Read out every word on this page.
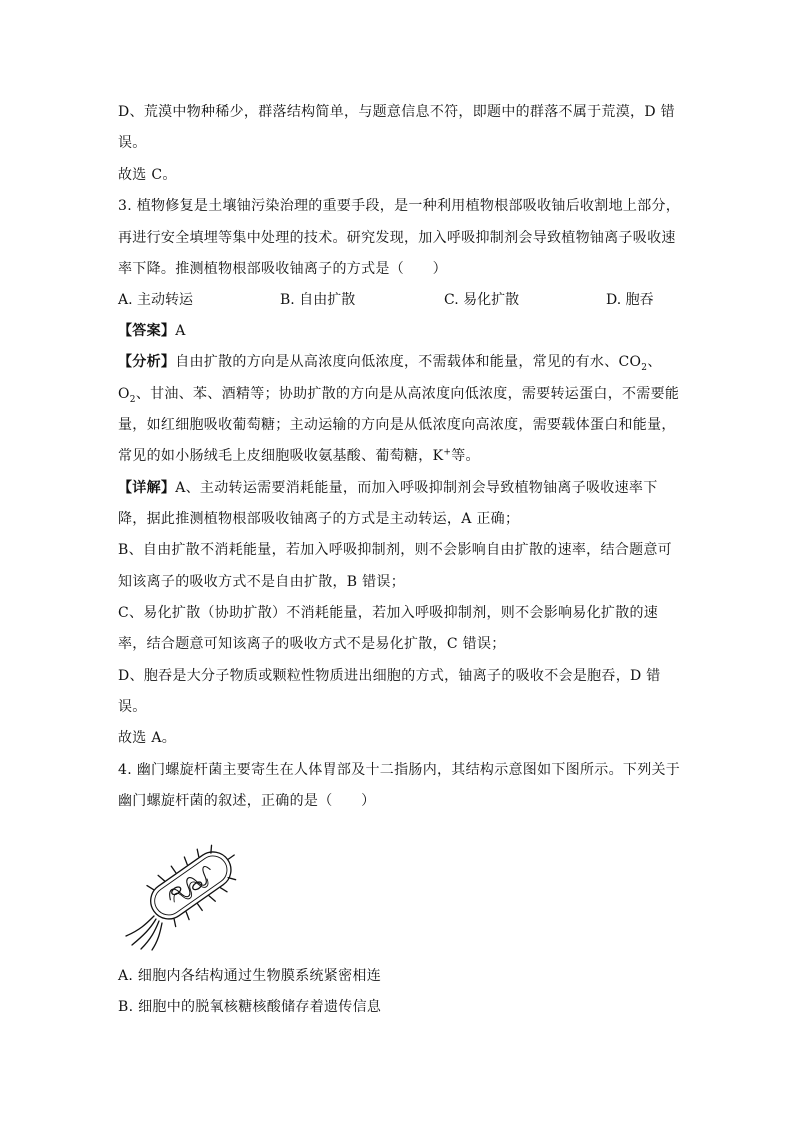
D、荒漠中物种稀少，群落结构简单，与题意信息不符，即题中的群落不属于荒漠，D 错
误。
故选 C。
3. 植物修复是土壤铀污染治理的重要手段，是一种利用植物根部吸收铀后收割地上部分，
再进行安全填埋等集中处理的技术。研究发现，加入呼吸抑制剂会导致植物铀离子吸收速
率下降。推测植物根部吸收铀离子的方式是（　　）
A. 主动转运	B. 自由扩散	C. 易化扩散	D. 胞吞
【答案】A
【分析】自由扩散的方向是从高浓度向低浓度，不需载体和能量，常见的有水、$CO_2$、
$O_2$、甘油、苯、酒精等；协助扩散的方向是从高浓度向低浓度，需要转运蛋白，不需要能
量，如红细胞吸收葡萄糖；主动运输的方向是从低浓度向高浓度，需要载体蛋白和能量，
常见的如小肠绒毛上皮细胞吸收氨基酸、葡萄糖，K+等。
【详解】A、主动转运需要消耗能量，而加入呼吸抑制剂会导致植物铀离子吸收速率下
降，据此推测植物根部吸收铀离子的方式是主动转运，A 正确；
B、自由扩散不消耗能量，若加入呼吸抑制剂，则不会影响自由扩散的速率，结合题意可
知该离子的吸收方式不是自由扩散，B 错误；
C、易化扩散（协助扩散）不消耗能量，若加入呼吸抑制剂，则不会影响易化扩散的速
率，结合题意可知该离子的吸收方式不是易化扩散，C 错误；
D、胞吞是大分子物质或颗粒性物质进出细胞的方式，铀离子的吸收不会是胞吞，D 错
误。
故选 A。
4. 幽门螺旋杆菌主要寄生在人体胃部及十二指肠内，其结构示意图如下图所示。下列关于
幽门螺旋杆菌的叙述，正确的是（　　）
A. 细胞内各结构通过生物膜系统紧密相连
B. 细胞中的脱氧核糖核酸储存着遗传信息
